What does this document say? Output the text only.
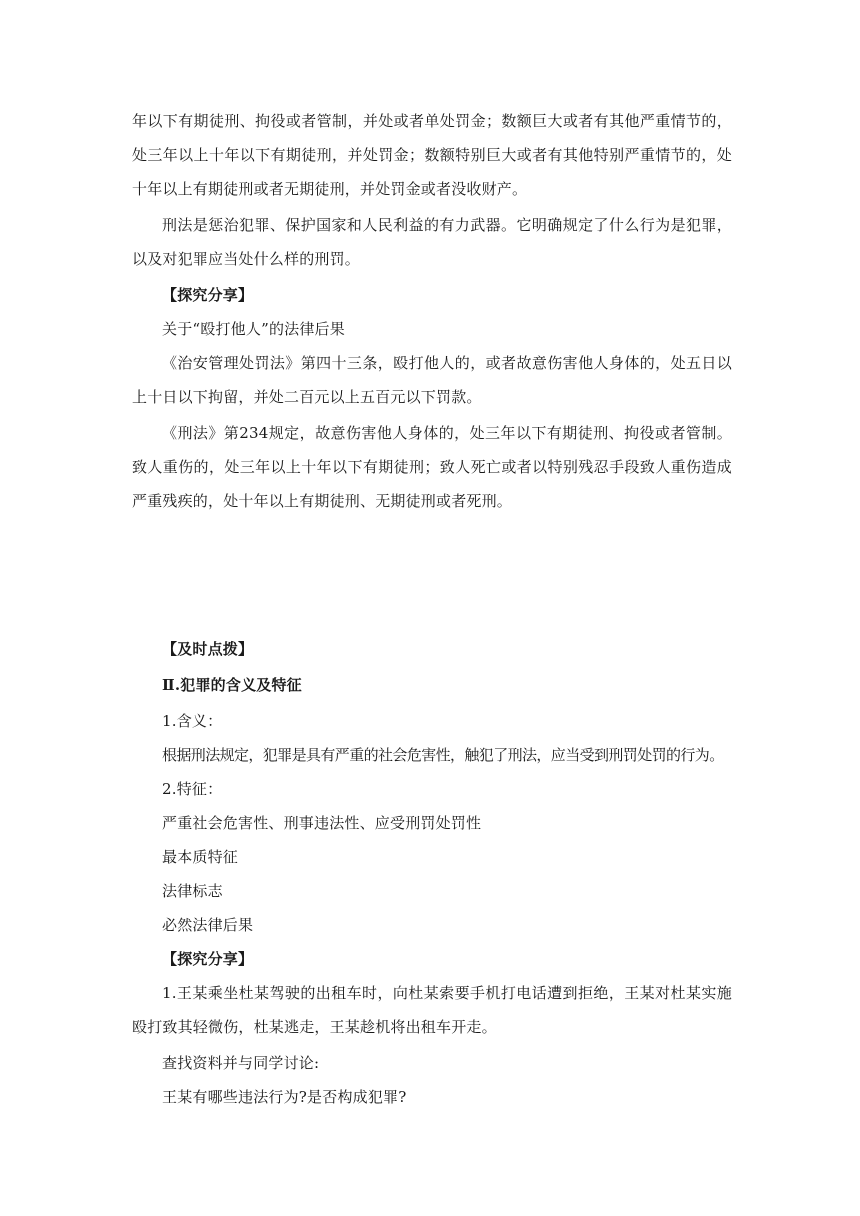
年以下有期徒刑、拘役或者管制，并处或者单处罚金；数额巨大或者有其他严重情节的，处三年以上十年以下有期徒刑，并处罚金；数额特别巨大或者有其他特别严重情节的，处十年以上有期徒刑或者无期徒刑，并处罚金或者没收财产。

刑法是惩治犯罪、保护国家和人民利益的有力武器。它明确规定了什么行为是犯罪，以及对犯罪应当处什么样的刑罚。

【探究分享】

关于“殴打他人”的法律后果

《治安管理处罚法》第四十三条，殴打他人的，或者故意伤害他人身体的，处五日以上十日以下拘留，并处二百元以上五百元以下罚款。

《刑法》第234规定，故意伤害他人身体的，处三年以下有期徒刑、拘役或者管制。致人重伤的，处三年以上十年以下有期徒刑；致人死亡或者以特别残忍手段致人重伤造成严重残疾的，处十年以上有期徒刑、无期徒刑或者死刑。

【及时点拨】

Ⅱ.犯罪的含义及特征

1.含义：

根据刑法规定，犯罪是具有严重的社会危害性，触犯了刑法，应当受到刑罚处罚的行为。

2.特征：

严重社会危害性、刑事违法性、应受刑罚处罚性

最本质特征

法律标志

必然法律后果

【探究分享】

1.王某乘坐杜某驾驶的出租车时，向杜某索要手机打电话遭到拒绝，王某对杜某实施殴打致其轻微伤，杜某逃走，王某趁机将出租车开走。

查找资料并与同学讨论:

王某有哪些违法行为?是否构成犯罪?
